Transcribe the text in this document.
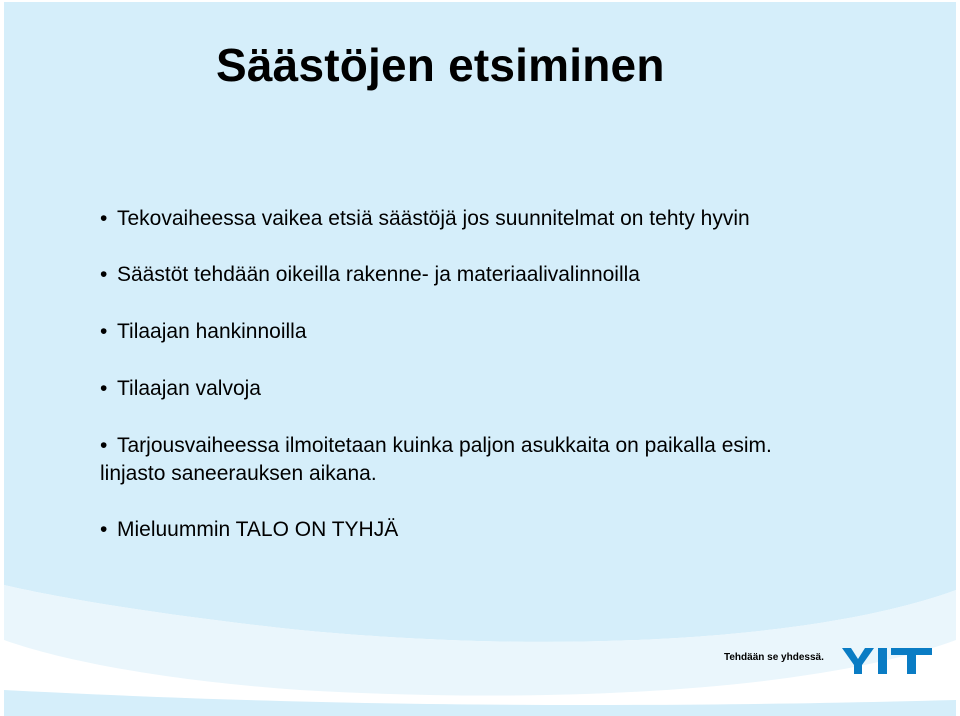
Säästöjen etsiminen
• Tekovaiheessa vaikea etsiä säästöjä jos suunnitelmat on tehty hyvin
• Säästöt tehdään oikeilla rakenne- ja materiaalivalinnoilla
• Tilaajan hankinnoilla
• Tilaajan valvoja
• Tarjousvaiheessa ilmoitetaan kuinka paljon asukkaita on paikalla esim.
linjasto saneerauksen aikana.
• Mieluummin TALO ON TYHJÄ
Tehdään se yhdessä.
